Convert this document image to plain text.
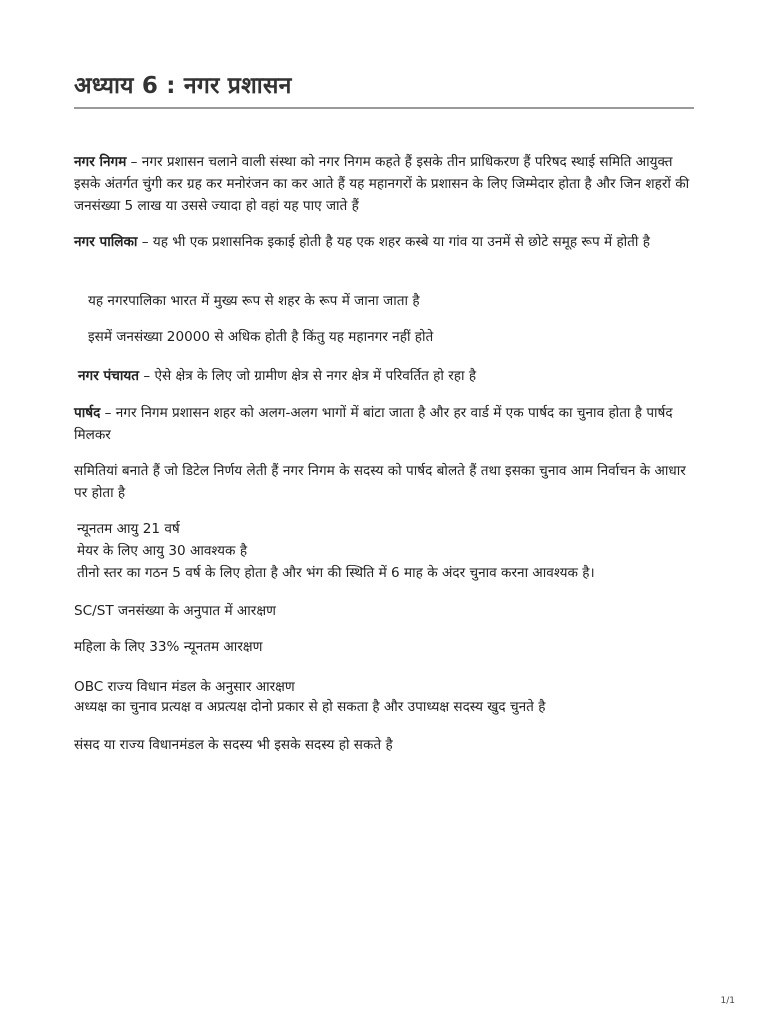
अध्याय 6 : नगर प्रशासन

नगर निगम – नगर प्रशासन चलाने वाली संस्था को नगर निगम कहते हैं इसके तीन प्राधिकरण हैं परिषद स्थाई समिति आयुक्त इसके अंतर्गत चुंगी कर ग्रह कर मनोरंजन का कर आते हैं यह महानगरों के प्रशासन के लिए जिम्मेदार होता है और जिन शहरों की जनसंख्या 5 लाख या उससे ज्यादा हो वहां यह पाए जाते हैं

नगर पालिका – यह भी एक प्रशासनिक इकाई होती है यह एक शहर कस्बे या गांव या उनमें से छोटे समूह रूप में होती है

यह नगरपालिका भारत में मुख्य रूप से शहर के रूप में जाना जाता है

इसमें जनसंख्या 20000 से अधिक होती है किंतु यह महानगर नहीं होते

नगर पंचायत – ऐसे क्षेत्र के लिए जो ग्रामीण क्षेत्र से नगर क्षेत्र में परिवर्तित हो रहा है

पार्षद – नगर निगम प्रशासन शहर को अलग-अलग भागों में बांटा जाता है और हर वार्ड में एक पार्षद का चुनाव होता है पार्षद मिलकर

समितियां बनाते हैं जो डिटेल निर्णय लेती हैं नगर निगम के सदस्य को पार्षद बोलते हैं तथा इसका चुनाव आम निर्वाचन के आधार पर होता है

न्यूनतम आयु 21 वर्ष

मेयर के लिए आयु 30 आवश्यक है

तीनो स्तर का गठन 5 वर्ष के लिए होता है और भंग की स्थिति में 6 माह के अंदर चुनाव करना आवश्यक है।

SC/ST जनसंख्या के अनुपात में आरक्षण

महिला के लिए 33% न्यूनतम आरक्षण

OBC राज्य विधान मंडल के अनुसार आरक्षण

अध्यक्ष का चुनाव प्रत्यक्ष व अप्रत्यक्ष दोनो प्रकार से हो सकता है और उपाध्यक्ष सदस्य खुद चुनते है

संसद या राज्य विधानमंडल के सदस्य भी इसके सदस्य हो सकते है

1/1
